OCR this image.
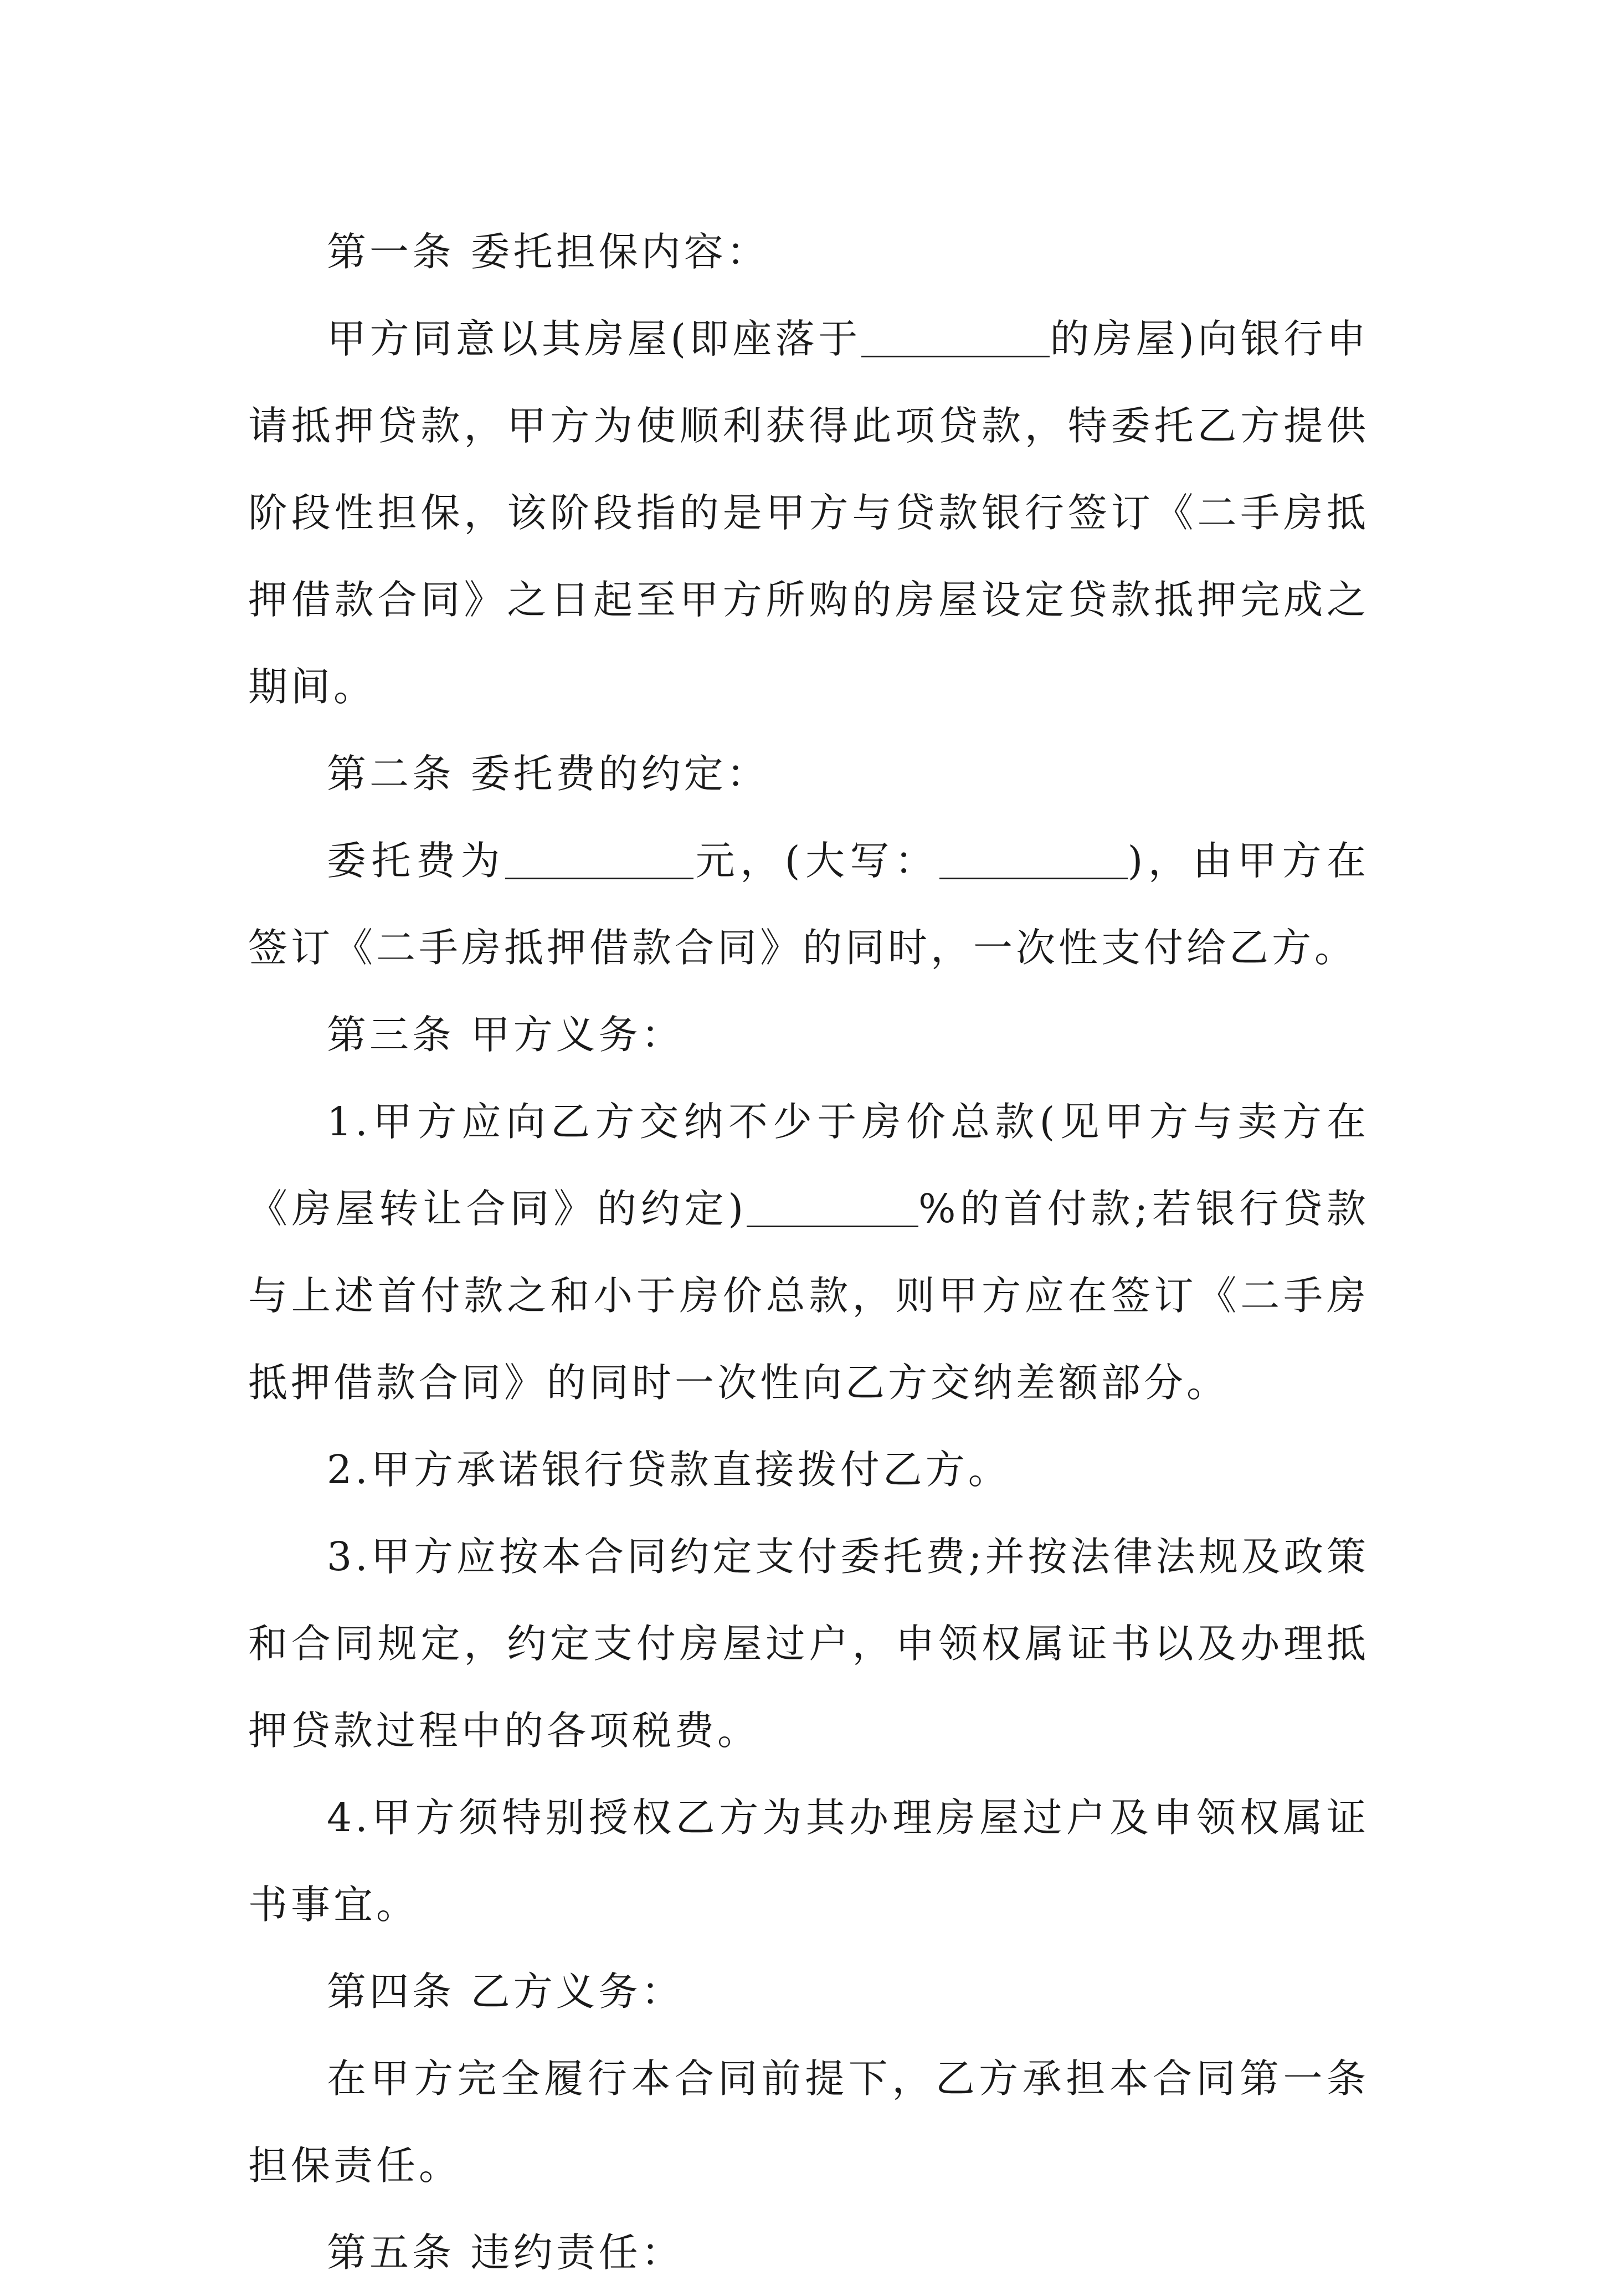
第一条 委托担保内容：

甲方同意以其房屋(即座落于	的房屋)向银行申请抵押贷款，甲方为使顺利获得此项贷款，特委托乙方提供阶段性担保，该阶段指的是甲方与贷款银行签订《二手房抵押借款合同》之日起至甲方所购的房屋设定贷款抵押完成之期间。

第二条 委托费的约定：

委托费为	元，(大写：	)，由甲方在签订《二手房抵押借款合同》的同时，一次性支付给乙方。

第三条 甲方义务：

1.甲方应向乙方交纳不少于房价总款(见甲方与卖方在《房屋转让合同》的约定)	%的首付款;若银行贷款与上述首付款之和小于房价总款，则甲方应在签订《二手房抵押借款合同》的同时一次性向乙方交纳差额部分。

2.甲方承诺银行贷款直接拨付乙方。

3.甲方应按本合同约定支付委托费;并按法律法规及政策和合同规定，约定支付房屋过户，申领权属证书以及办理抵押贷款过程中的各项税费。

4.甲方须特别授权乙方为其办理房屋过户及申领权属证书事宜。

第四条 乙方义务：

在甲方完全履行本合同前提下，乙方承担本合同第一条担保责任。

第五条 违约责任：
